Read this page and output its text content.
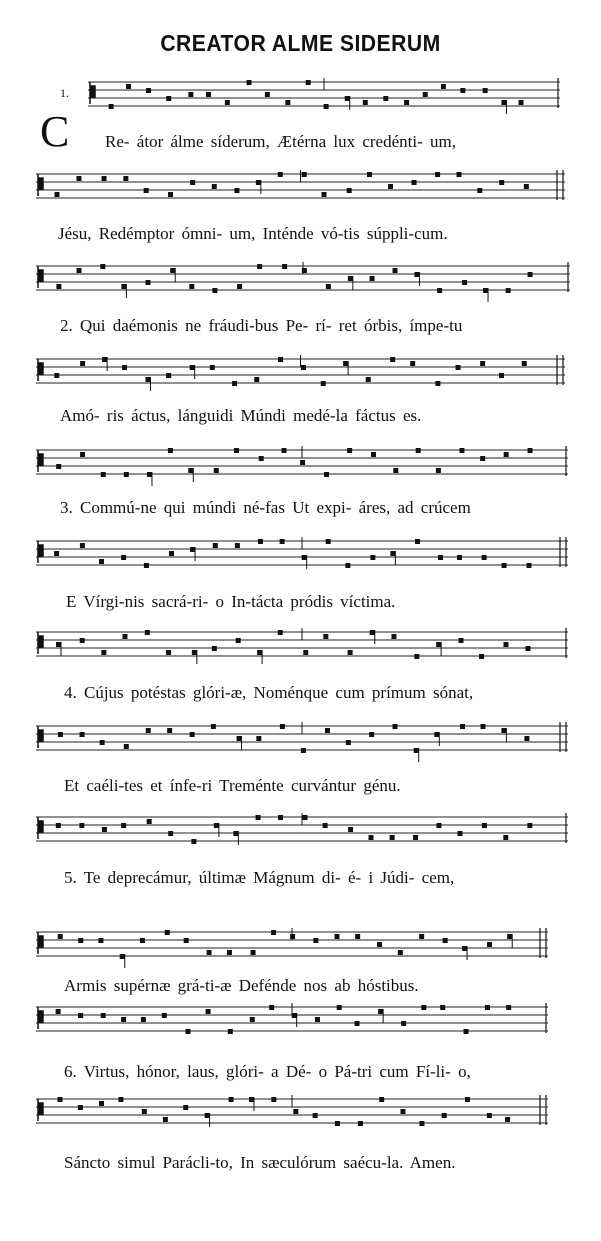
CREATOR ALME SIDERUM
1.
C Re- átor álme síderum, Ætérna lux credénti- um,
Jésu, Redémptor ómni- um, Inténde vó-tis súppli-cum.
2. Qui daémonis ne fráudi-bus Pe- rí- ret órbis, ímpe-tu
Amó- ris áctus, lánguidi Múndi medé-la fáctus es.
3. Commú-ne qui múndi né-fas Ut expi- áres, ad crúcem
E Vírgi-nis sacrá-ri- o In-tácta pródis víctima.
4. Cújus potéstas glóri-æ, Noménque cum prímum sónat,
Et caéli-tes et ínfe-ri Treménte curvántur génu.
5. Te deprecámur, últimæ Mágnum di- é- i Júdi- cem,
Armis supérnæ grá-ti-æ Defénde nos ab hóstibus.
6. Virtus, hónor, laus, glóri- a Dé- o Pá-tri cum Fí-li- o,
Sáncto simul Parácli-to, In sæculórum saécu-la. Amen.
